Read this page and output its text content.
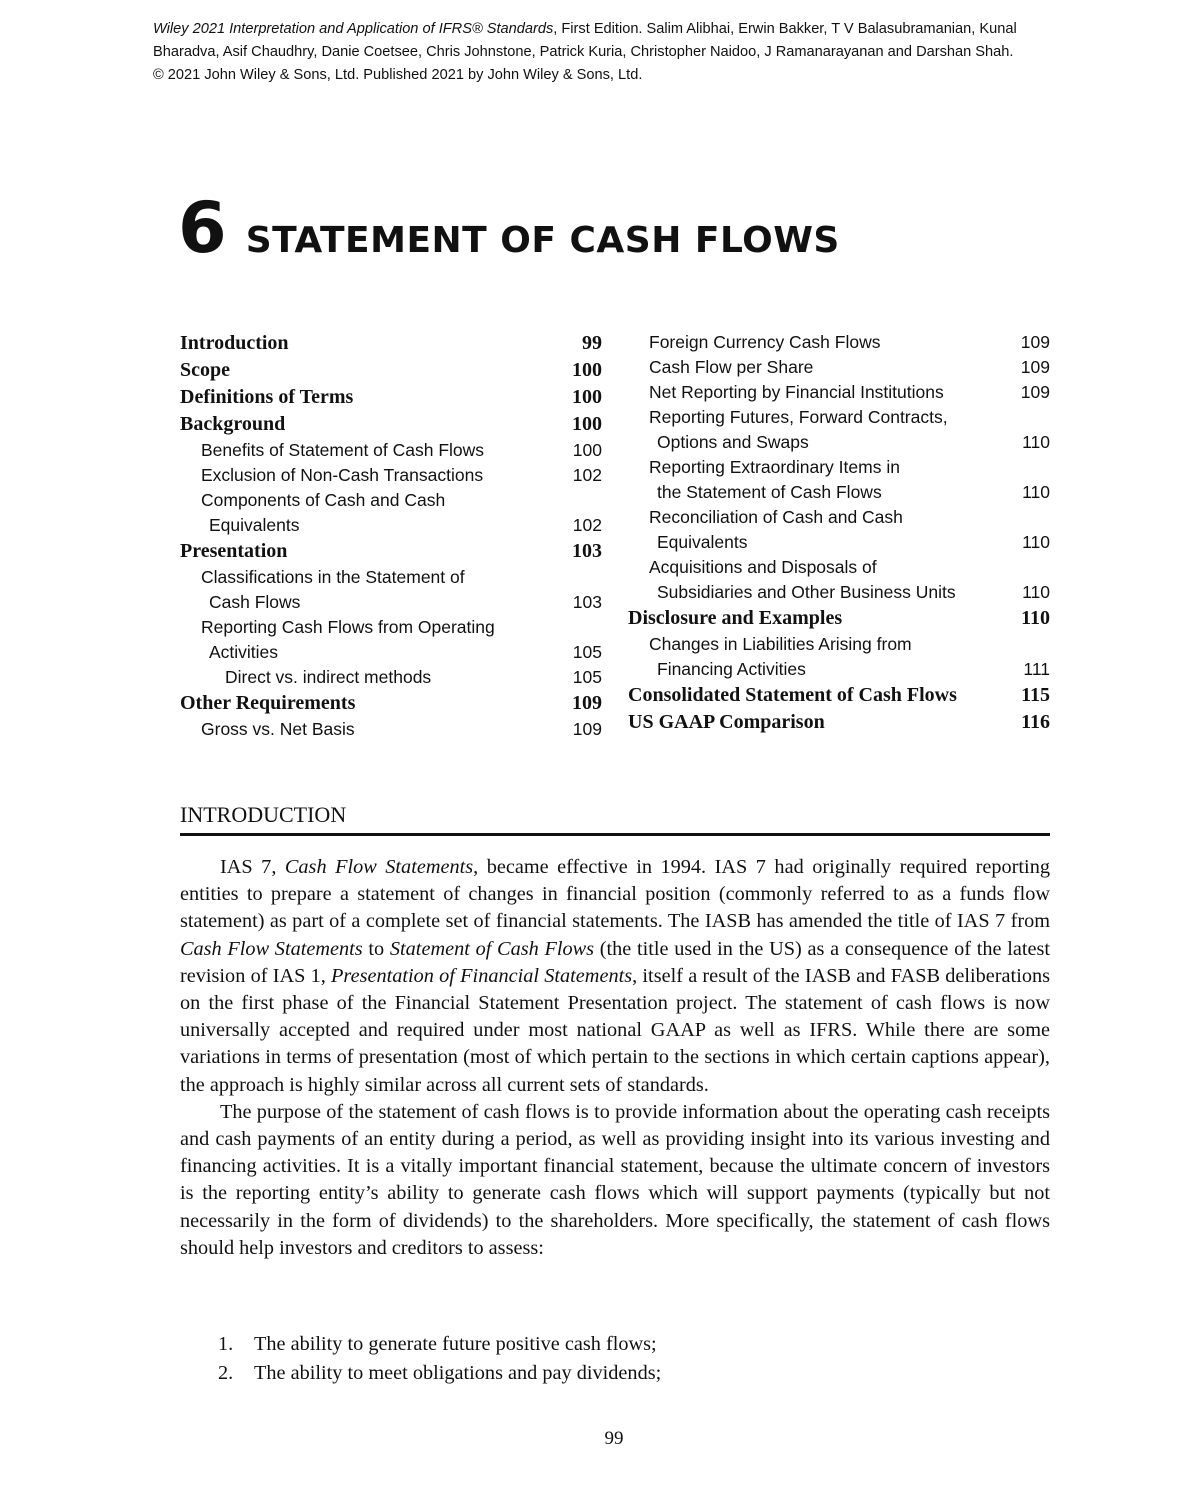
Wiley 2021 Interpretation and Application of IFRS® Standards, First Edition. Salim Alibhai, Erwin Bakker, T V Balasubramanian, Kunal
Bharadva, Asif Chaudhry, Danie Coetsee, Chris Johnstone, Patrick Kuria, Christopher Naidoo, J Ramanarayanan and Darshan Shah.
© 2021 John Wiley & Sons, Ltd. Published 2021 by John Wiley & Sons, Ltd.
6 STATEMENT OF CASH FLOWS
Introduction	99
Scope	100
Definitions of Terms	100
Background	100
Benefits of Statement of Cash Flows	100
Exclusion of Non-Cash Transactions	102
Components of Cash and Cash
Equivalents	102
Presentation	103
Classifications in the Statement of
Cash Flows	103
Reporting Cash Flows from Operating
Activities	105
Direct vs. indirect methods	105
Other Requirements	109
Gross vs. Net Basis	109
Foreign Currency Cash Flows	109
Cash Flow per Share	109
Net Reporting by Financial Institutions	109
Reporting Futures, Forward Contracts,
Options and Swaps	110
Reporting Extraordinary Items in
the Statement of Cash Flows	110
Reconciliation of Cash and Cash
Equivalents	110
Acquisitions and Disposals of
Subsidiaries and Other Business Units	110
Disclosure and Examples	110
Changes in Liabilities Arising from
Financing Activities	111
Consolidated Statement of Cash Flows	115
US GAAP Comparison	116
INTRODUCTION

IAS 7, Cash Flow Statements, became effective in 1994. IAS 7 had originally required reporting entities to prepare a statement of changes in financial position (commonly referred to as a funds flow statement) as part of a complete set of financial statements. The IASB has amended the title of IAS 7 from Cash Flow Statements to Statement of Cash Flows (the title used in the US) as a consequence of the latest revision of IAS 1, Presentation of Financial Statements, itself a result of the IASB and FASB deliberations on the first phase of the Financial Statement Presentation project. The statement of cash flows is now universally accepted and required under most national GAAP as well as IFRS. While there are some variations in terms of presentation (most of which pertain to the sections in which certain captions appear), the approach is highly similar across all current sets of standards.

The purpose of the statement of cash flows is to provide information about the operating cash receipts and cash payments of an entity during a period, as well as providing insight into its various investing and financing activities. It is a vitally important financial statement, because the ultimate concern of investors is the reporting entity’s ability to generate cash flows which will support payments (typically but not necessarily in the form of dividends) to the shareholders. More specifically, the statement of cash flows should help investors and creditors to assess:

1.	The ability to generate future positive cash flows;
2.	The ability to meet obligations and pay dividends;
99
